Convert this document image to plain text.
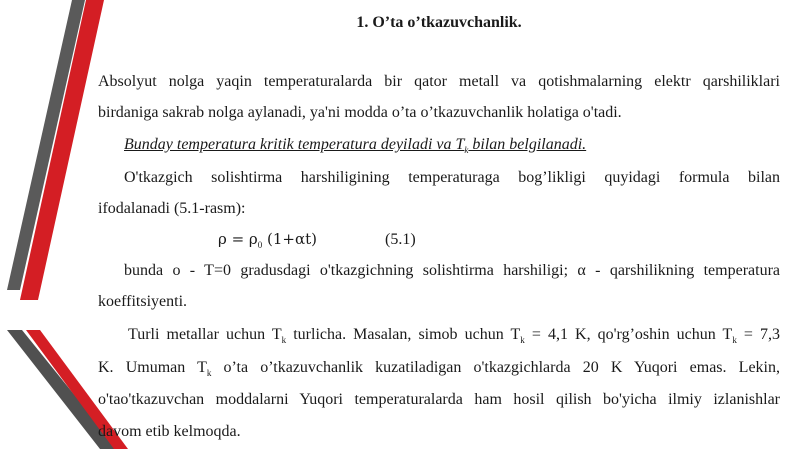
1. O’ta o’tkazuvchanlik.
Absolyut nolga yaqin temperaturalarda bir qator metall va qotishmalarning elektr qarshiliklari
birdaniga sakrab nolga aylanadi, ya'ni modda o’ta o’tkazuvchanlik holatiga o'tadi.
Bunday temperatura kritik temperatura deyiladi va $T_k$ bilan belgilanadi.
O'tkazgich solishtirma harshiligining temperaturaga bog’likligi quyidagi formula bilan
ifodalanadi (5.1-rasm):
$\rho = \rho_0$ (1+αt)	(5.1)
bunda o - T=0 gradusdagi o'tkazgichning solishtirma harshiligi; α - qarshilikning temperatura
koeffitsiyenti.
Turli metallar uchun $T_k$ turlicha. Masalan, simob uchun $T_k = 4,1$ K, qo'rg’oshin uchun $T_k = 7,3$
K. Umuman $T_k$ o’ta o’tkazuvchanlik kuzatiladigan o'tkazgichlarda 20 K Yuqori emas. Lekin,
o'tao'tkazuvchan moddalarni Yuqori temperaturalarda ham hosil qilish bo'yicha ilmiy izlanishlar
davom etib kelmoqda.
